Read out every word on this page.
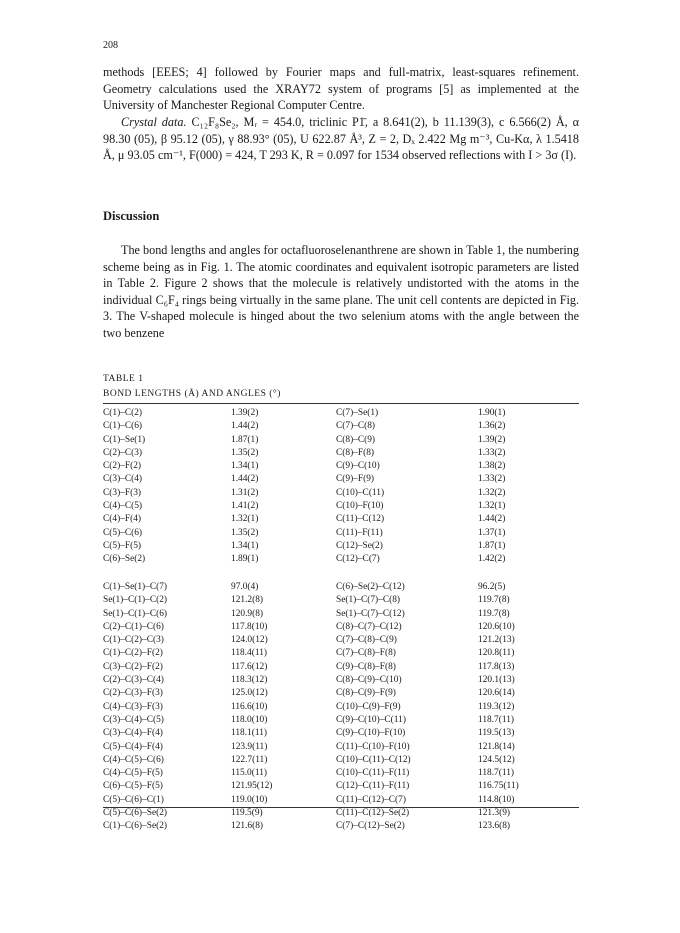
208

methods [EEES; 4] followed by Fourier maps and full-matrix, least-squares refinement. Geometry calculations used the XRAY72 system of programs [5] as implemented at the University of Manchester Regional Computer Centre.

Crystal data. C₁₂F₈Se₂, Mᵣ = 454.0, triclinic P1̄, a 8.641(2), b 11.139(3), c 6.566(2) Å, α 98.30 (05), β 95.12 (05), γ 88.93° (05), U 622.87 Å³, Z = 2, Dₓ 2.422 Mg m⁻³, Cu-Kα, λ 1.5418 Å, μ 93.05 cm⁻¹, F(000) = 424, T 293 K, R = 0.097 for 1534 observed reflections with I > 3σ (I).

Discussion

The bond lengths and angles for octafluoroselenanthrene are shown in Table 1, the numbering scheme being as in Fig. 1. The atomic coordinates and equivalent isotropic parameters are listed in Table 2. Figure 2 shows that the molecule is relatively undistorted with the atoms in the individual C₆F₄ rings being virtually in the same plane. The unit cell contents are depicted in Fig. 3. The V-shaped molecule is hinged about the two selenium atoms with the angle between the two benzene

TABLE 1
BOND LENGTHS (Å) AND ANGLES (°)
C(1)–C(2)	1.39(2)	C(7)–Se(1)	1.90(1)
C(1)–C(6)	1.44(2)	C(7)–C(8)	1.36(2)
C(1)–Se(1)	1.87(1)	C(8)–C(9)	1.39(2)
C(2)–C(3)	1.35(2)	C(8)–F(8)	1.33(2)
C(2)–F(2)	1.34(1)	C(9)–C(10)	1.38(2)
C(3)–C(4)	1.44(2)	C(9)–F(9)	1.33(2)
C(3)–F(3)	1.31(2)	C(10)–C(11)	1.32(2)
C(4)–C(5)	1.41(2)	C(10)–F(10)	1.32(1)
C(4)–F(4)	1.32(1)	C(11)–C(12)	1.44(2)
C(5)–C(6)	1.35(2)	C(11)–F(11)	1.37(1)
C(5)–F(5)	1.34(1)	C(12)–Se(2)	1.87(1)
C(6)–Se(2)	1.89(1)	C(12)–C(7)	1.42(2)
C(1)–Se(1)–C(7)	97.0(4)	C(6)–Se(2)–C(12)	96.2(5)
Se(1)–C(1)–C(2)	121.2(8)	Se(1)–C(7)–C(8)	119.7(8)
Se(1)–C(1)–C(6)	120.9(8)	Se(1)–C(7)–C(12)	119.7(8)
C(2)–C(1)–C(6)	117.8(10)	C(8)–C(7)–C(12)	120.6(10)
C(1)–C(2)–C(3)	124.0(12)	C(7)–C(8)–C(9)	121.2(13)
C(1)–C(2)–F(2)	118.4(11)	C(7)–C(8)–F(8)	120.8(11)
C(3)–C(2)–F(2)	117.6(12)	C(9)–C(8)–F(8)	117.8(13)
C(2)–C(3)–C(4)	118.3(12)	C(8)–C(9)–C(10)	120.1(13)
C(2)–C(3)–F(3)	125.0(12)	C(8)–C(9)–F(9)	120.6(14)
C(4)–C(3)–F(3)	116.6(10)	C(10)–C(9)–F(9)	119.3(12)
C(3)–C(4)–C(5)	118.0(10)	C(9)–C(10)–C(11)	118.7(11)
C(3)–C(4)–F(4)	118.1(11)	C(9)–C(10)–F(10)	119.5(13)
C(5)–C(4)–F(4)	123.9(11)	C(11)–C(10)–F(10)	121.8(14)
C(4)–C(5)–C(6)	122.7(11)	C(10)–C(11)–C(12)	124.5(12)
C(4)–C(5)–F(5)	115.0(11)	C(10)–C(11)–F(11)	118.7(11)
C(6)–C(5)–F(5)	121.95(12)	C(12)–C(11)–F(11)	116.75(11)
C(5)–C(6)–C(1)	119.0(10)	C(11)–C(12)–C(7)	114.8(10)
C(5)–C(6)–Se(2)	119.5(9)	C(11)–C(12)–Se(2)	121.3(9)
C(1)–C(6)–Se(2)	121.6(8)	C(7)–C(12)–Se(2)	123.6(8)
